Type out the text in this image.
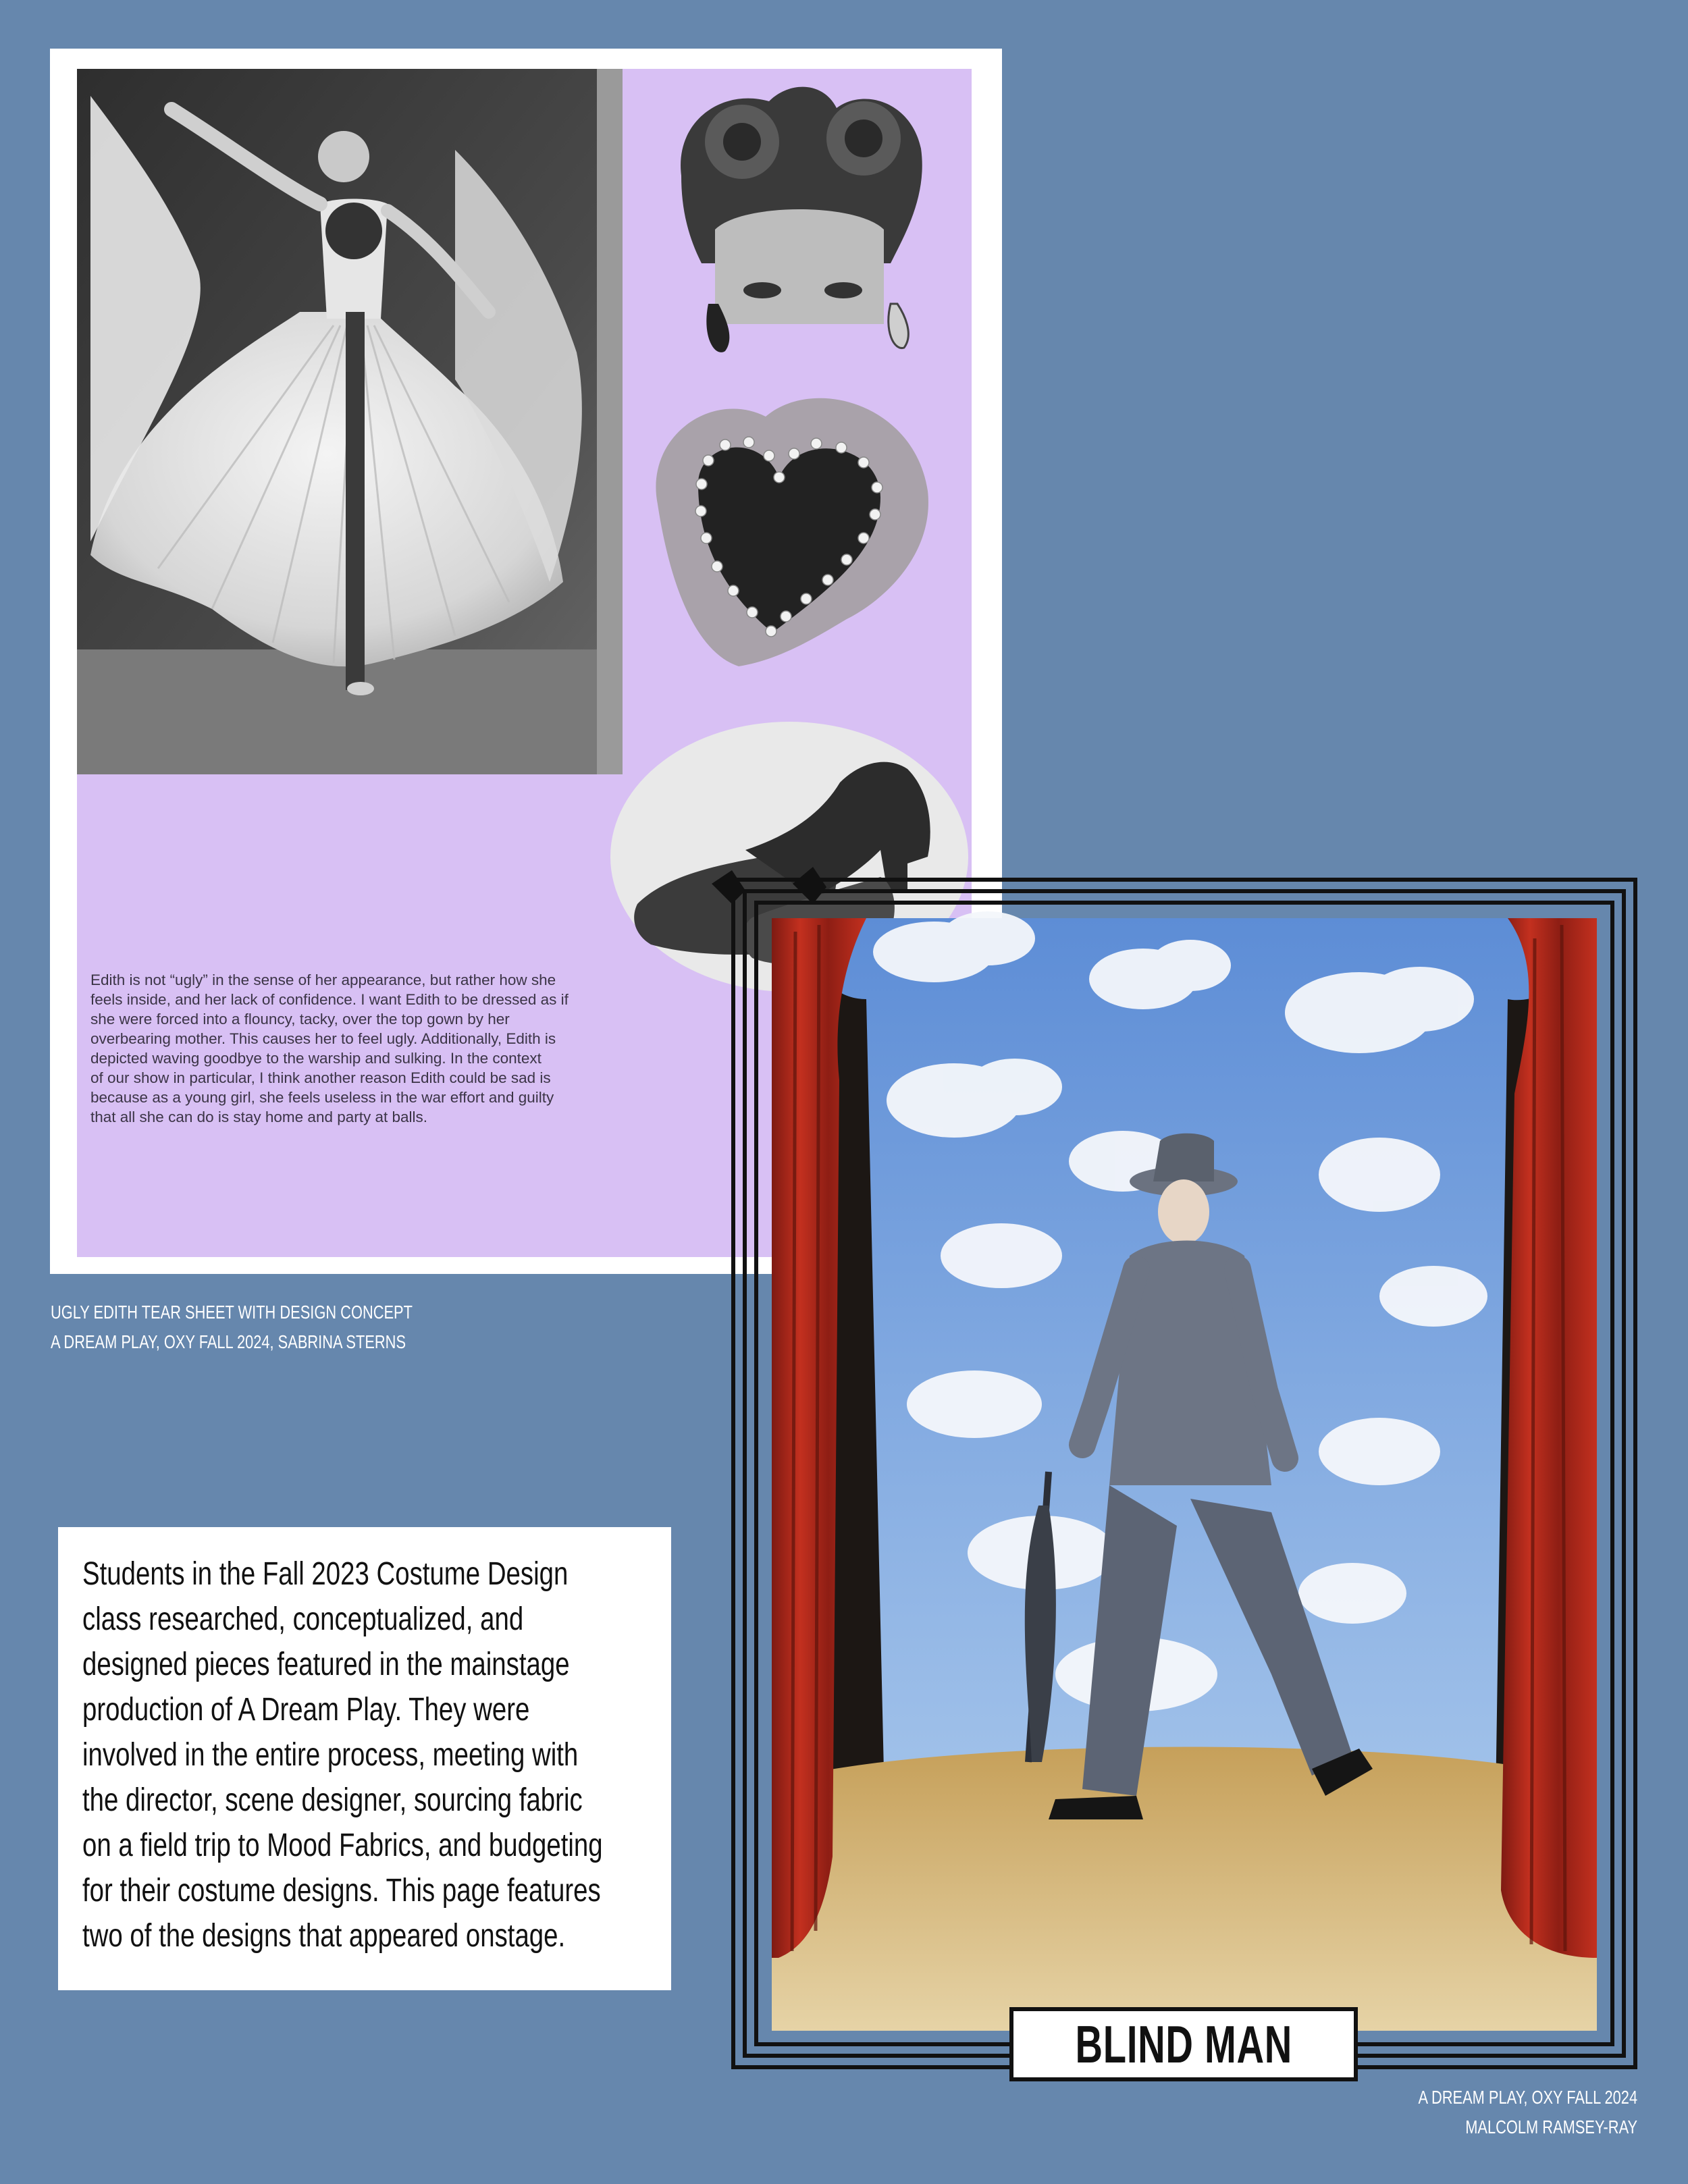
Edith is not “ugly” in the sense of her appearance, but rather how she
feels inside, and her lack of confidence. I want Edith to be dressed as if
she were forced into a flouncy, tacky, over the top gown by her
overbearing mother. This causes her to feel ugly. Additionally, Edith is
depicted waving goodbye to the warship and sulking. In the context
of our show in particular, I think another reason Edith could be sad is
because as a young girl, she feels useless in the war effort and guilty
that all she can do is stay home and party at balls.
UGLY EDITH TEAR SHEET WITH DESIGN CONCEPT
A DREAM PLAY, OXY FALL 2024, SABRINA STERNS
Students in the Fall 2023 Costume Design
class researched, conceptualized, and
designed pieces featured in the mainstage
production of A Dream Play. They were
involved in the entire process, meeting with
the director, scene designer, sourcing fabric
on a field trip to Mood Fabrics, and budgeting
for their costume designs. This page features
two of the designs that appeared onstage.
BLIND MAN
A DREAM PLAY, OXY FALL 2024
MALCOLM RAMSEY-RAY
